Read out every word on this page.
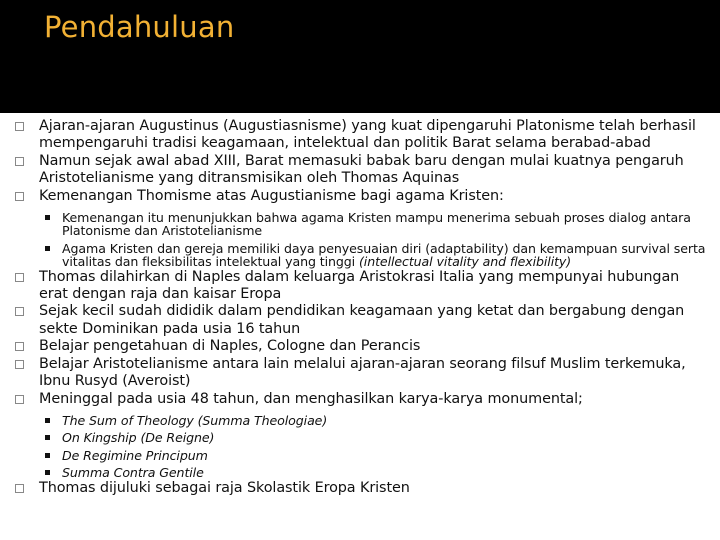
Pendahuluan
Ajaran-ajaran Augustinus (Augustiasnisme) yang kuat dipengaruhi Platonisme telah berhasil mempengaruhi tradisi keagamaan, intelektual dan politik Barat selama berabad-abad
Namun sejak awal abad XIII, Barat memasuki babak baru dengan mulai kuatnya pengaruh Aristotelianisme yang ditransmisikan oleh Thomas Aquinas
Kemenangan Thomisme atas Augustianisme bagi agama Kristen:
Kemenangan itu menunjukkan bahwa agama Kristen mampu menerima sebuah proses dialog antara Platonisme dan Aristotelianisme
Agama Kristen dan gereja memiliki daya penyesuaian diri (adaptability) dan kemampuan survival serta vitalitas dan fleksibilitas intelektual yang tinggi (intellectual vitality and flexibility)
Thomas dilahirkan di Naples dalam keluarga Aristokrasi Italia yang mempunyai hubungan erat dengan raja dan kaisar Eropa
Sejak kecil sudah dididik dalam pendidikan keagamaan yang ketat dan bergabung dengan sekte Dominikan pada usia 16 tahun
Belajar pengetahuan di Naples, Cologne dan Perancis
Belajar Aristotelianisme antara lain melalui ajaran-ajaran seorang filsuf Muslim terkemuka, Ibnu Rusyd (Averoist)
Meninggal pada usia 48 tahun, dan menghasilkan karya-karya monumental;
The Sum of Theology (Summa Theologiae)
On Kingship (De Reigne)
De Regimine Principum
Summa Contra Gentile
Thomas dijuluki sebagai raja Skolastik Eropa Kristen
